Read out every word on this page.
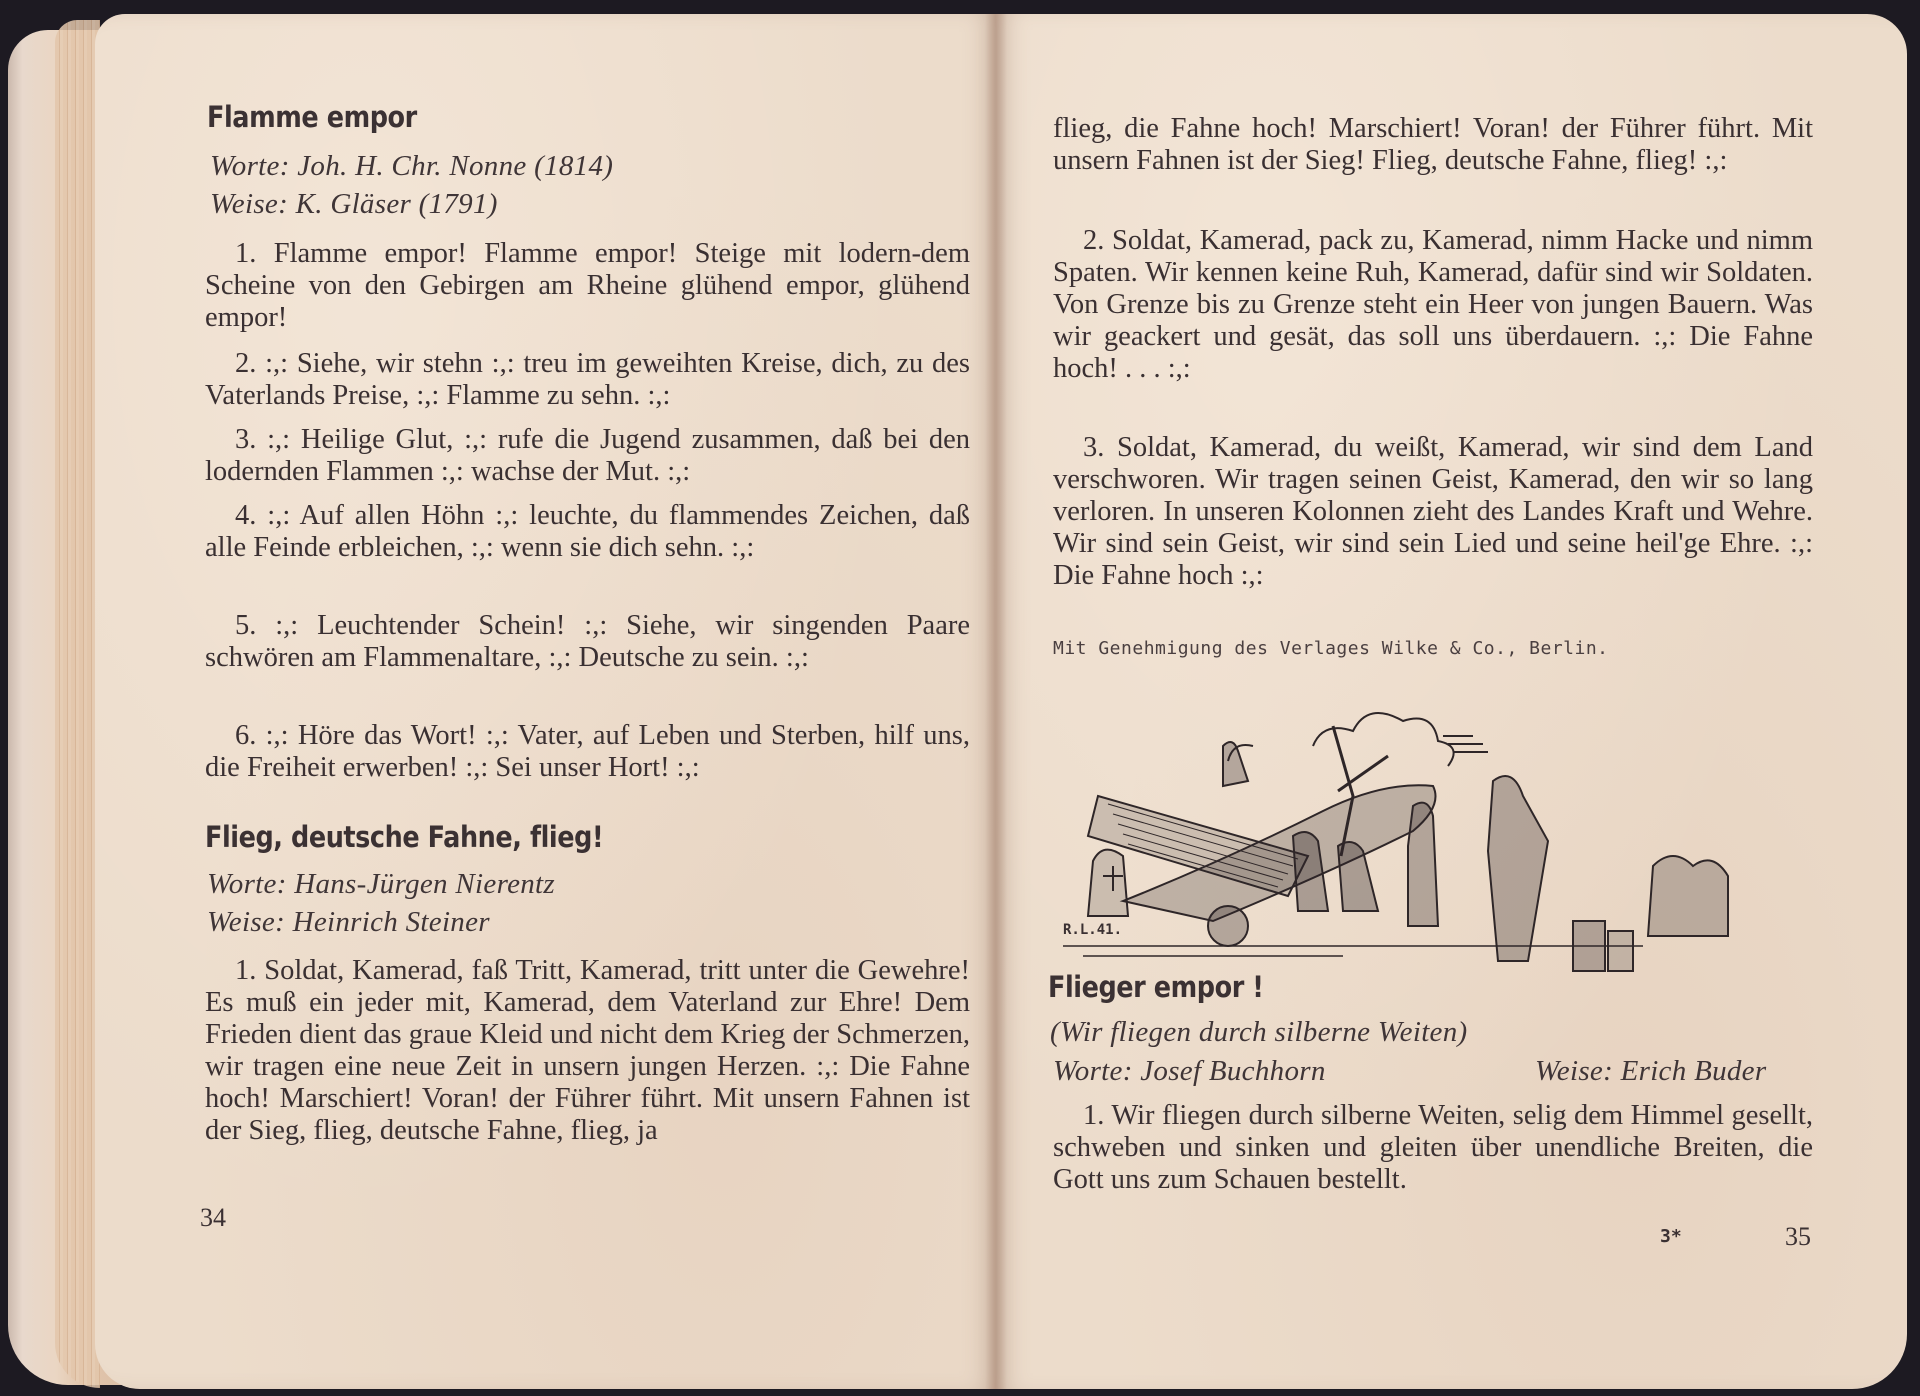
Flamme empor
Worte: Joh. H. Chr. Nonne (1814)
Weise: K. Gläser (1791)

1. Flamme empor! Flamme empor! Steige mit lodern-dem Scheine von den Gebirgen am Rheine glühend empor, glühend empor!

2. :,: Siehe, wir stehn :,: treu im geweihten Kreise, dich, zu des Vaterlands Preise, :,: Flamme zu sehn. :,:

3. :,: Heilige Glut, :,: rufe die Jugend zusammen, daß bei den lodernden Flammen :,: wachse der Mut. :,:

4. :,: Auf allen Höhn :,: leuchte, du flammendes Zeichen, daß alle Feinde erbleichen, :,: wenn sie dich sehn. :,:

5. :,: Leuchtender Schein! :,: Siehe, wir singenden Paare schwören am Flammenaltare, :,: Deutsche zu sein. :,:

6. :,: Höre das Wort! :,: Vater, auf Leben und Sterben, hilf uns, die Freiheit erwerben! :,: Sei unser Hort! :,:

Flieg, deutsche Fahne, flieg!
Worte: Hans-Jürgen Nierentz
Weise: Heinrich Steiner

1. Soldat, Kamerad, faß Tritt, Kamerad, tritt unter die Gewehre! Es muß ein jeder mit, Kamerad, dem Vaterland zur Ehre! Dem Frieden dient das graue Kleid und nicht dem Krieg der Schmerzen, wir tragen eine neue Zeit in unsern jungen Herzen. :,: Die Fahne hoch! Marschiert! Voran! der Führer führt. Mit unsern Fahnen ist der Sieg, flieg, deutsche Fahne, flieg, ja

34

flieg, die Fahne hoch! Marschiert! Voran! der Führer führt. Mit unsern Fahnen ist der Sieg! Flieg, deutsche Fahne, flieg! :,:

2. Soldat, Kamerad, pack zu, Kamerad, nimm Hacke und nimm Spaten. Wir kennen keine Ruh, Kamerad, dafür sind wir Soldaten. Von Grenze bis zu Grenze steht ein Heer von jungen Bauern. Was wir geackert und gesät, das soll uns überdauern. :,: Die Fahne hoch! . . . :,:

3. Soldat, Kamerad, du weißt, Kamerad, wir sind dem Land verschworen. Wir tragen seinen Geist, Kamerad, den wir so lang verloren. In unseren Kolonnen zieht des Landes Kraft und Wehre. Wir sind sein Geist, wir sind sein Lied und seine heil'ge Ehre. :,: Die Fahne hoch :,:

Mit Genehmigung des Verlages Wilke & Co., Berlin.
R.L.41.
Flieger empor !
(Wir fliegen durch silberne Weiten)
Worte: Josef Buchhorn	Weise: Erich Buder

1. Wir fliegen durch silberne Weiten, selig dem Himmel gesellt, schweben und sinken und gleiten über unendliche Breiten, die Gott uns zum Schauen bestellt.

3*	35
